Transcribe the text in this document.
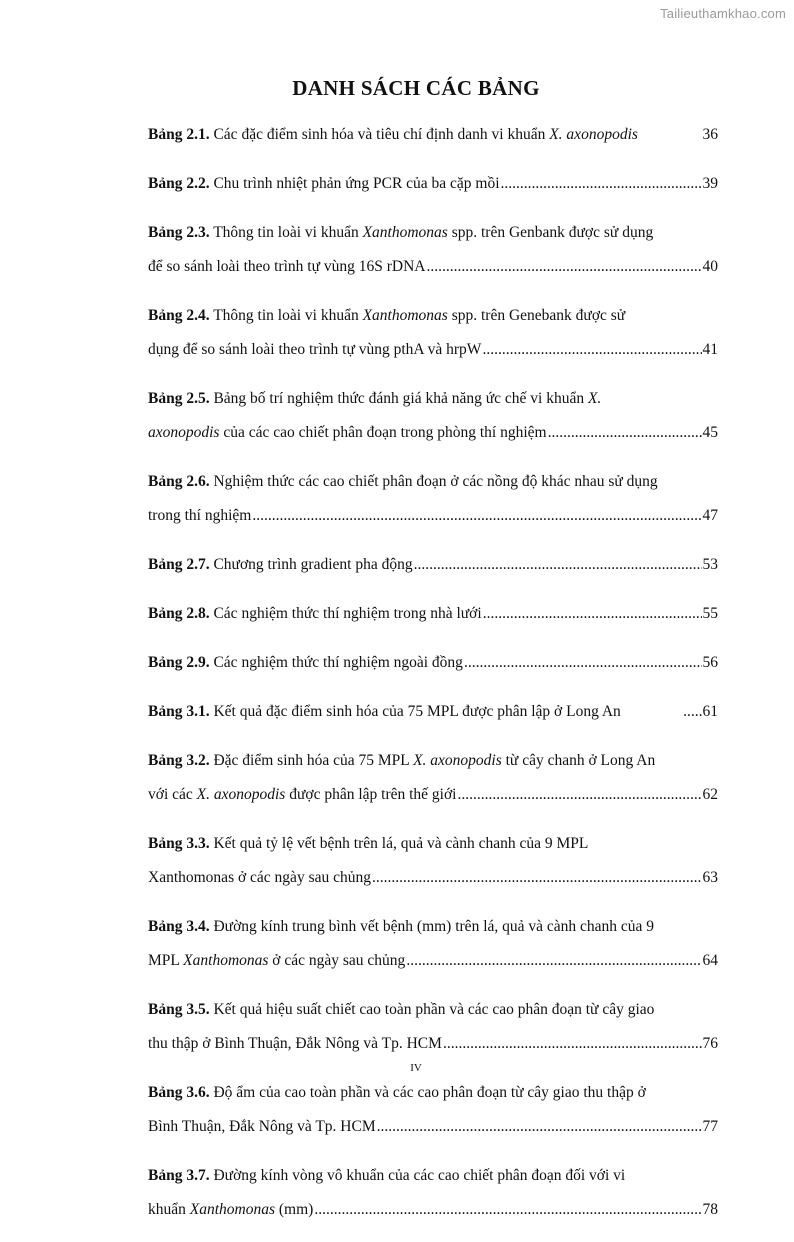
Tailieuthamkhao.com
DANH SÁCH CÁC BẢNG
Bảng 2.1. Các đặc điểm sinh hóa và tiêu chí định danh vi khuẩn X. axonopodis	36
Bảng 2.2. Chu trình nhiệt phản ứng PCR của ba cặp mồi .....	39
Bảng 2.3. Thông tin loài vi khuẩn Xanthomonas spp. trên Genbank được sử dụng
để so sánh loài theo trình tự vùng 16S rDNA .....	40
Bảng 2.4. Thông tin loài vi khuẩn Xanthomonas spp. trên Genebank được sử
dụng để so sánh loài theo trình tự vùng pthA và hrpW .....	41
Bảng 2.5. Bảng bố trí nghiệm thức đánh giá khả năng ức chế vi khuẩn X.
axonopodis của các cao chiết phân đoạn trong phòng thí nghiệm .....	45
Bảng 2.6. Nghiệm thức các cao chiết phân đoạn ở các nồng độ khác nhau sử dụng
trong thí nghiệm .....	47
Bảng 2.7. Chương trình gradient pha động .....	53
Bảng 2.8. Các nghiệm thức thí nghiệm trong nhà lưới .....	55
Bảng 2.9. Các nghiệm thức thí nghiệm ngoài đồng .....	56
Bảng 3.1. Kết quả đặc điểm sinh hóa của 75 MPL được phân lập ở Long An	.....61
Bảng 3.2. Đặc điểm sinh hóa của 75 MPL X. axonopodis từ cây chanh ở Long An
với các X. axonopodis được phân lập trên thế giới .....	62
Bảng 3.3. Kết quả tỷ lệ vết bệnh trên lá, quả và cành chanh của 9 MPL
Xanthomonas ở các ngày sau chủng .....	63
Bảng 3.4. Đường kính trung bình vết bệnh (mm) trên lá, quả và cành chanh của 9
MPL Xanthomonas ở các ngày sau chủng .....	64
Bảng 3.5. Kết quả hiệu suất chiết cao toàn phần và các cao phân đoạn từ cây giao
thu thập ở Bình Thuận, Đắk Nông và Tp. HCM .....	76
Bảng 3.6. Độ ẩm của cao toàn phần và các cao phân đoạn từ cây giao thu thập ở
Bình Thuận, Đắk Nông và Tp. HCM .....	77
Bảng 3.7. Đường kính vòng vô khuẩn của các cao chiết phân đoạn đối với vi
khuẩn Xanthomonas (mm) .....	78
IV
